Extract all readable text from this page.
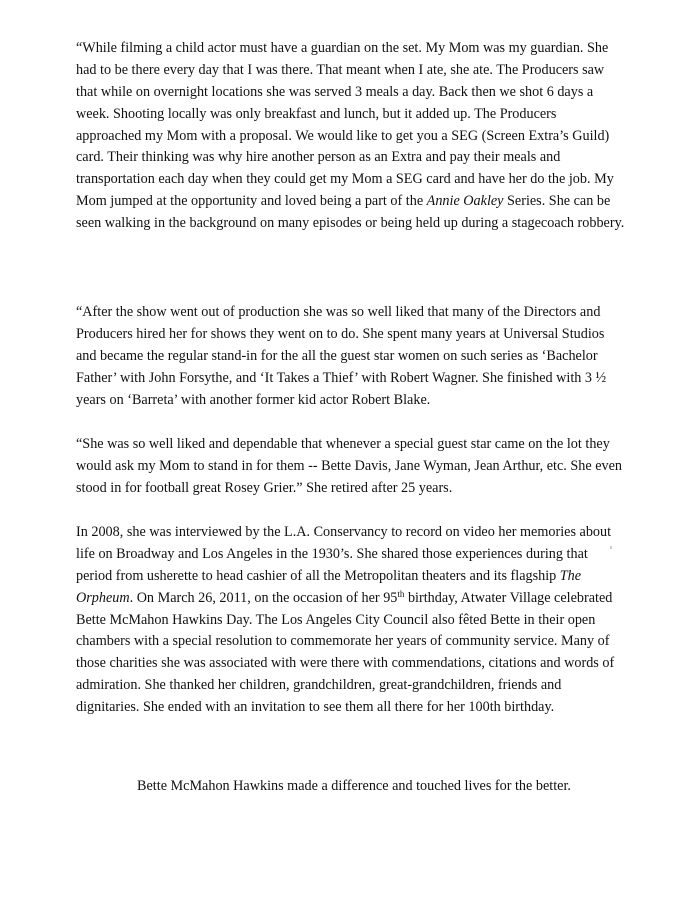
“While filming a child actor must have a guardian on the set. My Mom was my guardian. She
had to be there every day that I was there. That meant when I ate, she ate. The Producers saw
that while on overnight locations she was served 3 meals a day. Back then we shot 6 days a
week. Shooting locally was only breakfast and lunch, but it added up. The Producers
approached my Mom with a proposal. We would like to get you a SEG (Screen Extra’s Guild)
card. Their thinking was why hire another person as an Extra and pay their meals and
transportation each day when they could get my Mom a SEG card and have her do the job. My
Mom jumped at the opportunity and loved being a part of the Annie Oakley Series. She can be
seen walking in the background on many episodes or being held up during a stagecoach robbery.
“After the show went out of production she was so well liked that many of the Directors and
Producers hired her for shows they went on to do. She spent many years at Universal Studios
and became the regular stand-in for the all the guest star women on such series as ‘Bachelor
Father’ with John Forsythe, and ‘It Takes a Thief’ with Robert Wagner. She finished with 3 ½
years on ‘Barreta’ with another former kid actor Robert Blake.
“She was so well liked and dependable that whenever a special guest star came on the lot they
would ask my Mom to stand in for them -- Bette Davis, Jane Wyman, Jean Arthur, etc. She even
stood in for football great Rosey Grier.” She retired after 25 years.
In 2008, she was interviewed by the L.A. Conservancy to record on video her memories about
life on Broadway and Los Angeles in the 1930’s. She shared those experiences during that
period from usherette to head cashier of all the Metropolitan theaters and its flagship The
Orpheum. On March 26, 2011, on the occasion of her 95th birthday, Atwater Village celebrated
Bette McMahon Hawkins Day. The Los Angeles City Council also fêted Bette in their open
chambers with a special resolution to commemorate her years of community service. Many of
those charities she was associated with were there with commendations, citations and words of
admiration. She thanked her children, grandchildren, great-grandchildren, friends and
dignitaries. She ended with an invitation to see them all there for her 100th birthday.

Bette McMahon Hawkins made a difference and touched lives for the better.
